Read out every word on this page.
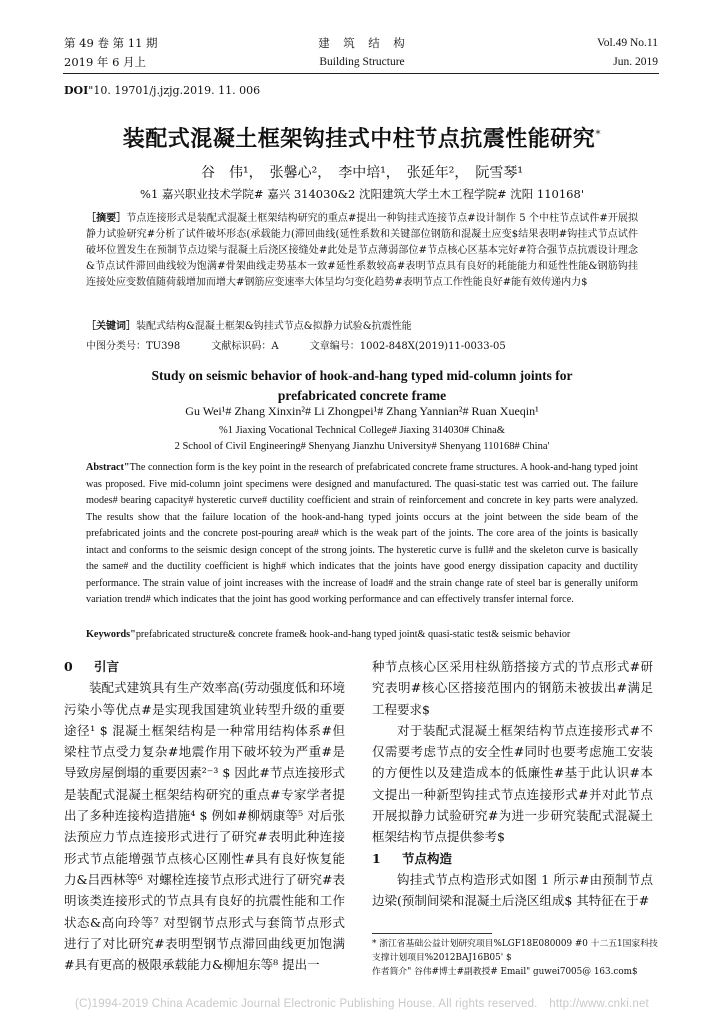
第 49 卷 第 11 期
2019 年 6 月上
建　筑　结　构
Building Structure
Vol.49 No.11
Jun. 2019
DOI"10. 19701/j.jzjg.2019. 11. 006
装配式混凝土框架钩挂式中柱节点抗震性能研究*
谷　伟¹，　张馨心²，　李中培¹，　张延年²，　阮雪琴¹
%1 嘉兴职业技术学院# 嘉兴 314030&2 沈阳建筑大学土木工程学院# 沈阳 110168'
［摘要］节点连接形式是装配式混凝土框架结构研究的重点#提出一种钩挂式连接节点#设计制作 5 个中柱节点试件#开展拟静力试验研究#分析了试件破坏形态(承载能力(滞回曲线(延性系数和关键部位钢筋和混凝土应变$结果表明#钩挂式节点试件破坏位置发生在预制节点边梁与混凝土后浇区接缝处#此处是节点薄弱部位#节点核心区基本完好#符合强节点抗震设计理念&节点试件滞回曲线较为饱满#骨架曲线走势基本一致#延性系数较高#表明节点具有良好的耗能能力和延性性能&钢筋钩挂连接处应变数值随荷载增加而增大#钢筋应变速率大体呈均匀变化趋势#表明节点工作性能良好#能有效传递内力$
［关键词］装配式结构&混凝土框架&钩挂式节点&拟静力试验&抗震性能
中图分类号：TU398	文献标识码：A	文章编号：1002-848X(2019)11-0033-05
Study on seismic behavior of hook-and-hang typed mid-column joints for
prefabricated concrete frame
Gu Wei¹# Zhang Xinxin²# Li Zhongpei¹# Zhang Yannian²# Ruan Xueqin¹
%1 Jiaxing Vocational Technical College# Jiaxing 314030# China&
2 School of Civil Engineering# Shenyang Jianzhu University# Shenyang 110168# China'
Abstract"The connection form is the key point in the research of prefabricated concrete frame structures. A hook-and-hang typed joint was proposed. Five mid-column joint specimens were designed and manufactured. The quasi-static test was carried out. The failure modes# bearing capacity# hysteretic curve# ductility coefficient and strain of reinforcement and concrete in key parts were analyzed. The results show that the failure location of the hook-and-hang typed joints occurs at the joint between the side beam of the prefabricated joints and the concrete post-pouring area# which is the weak part of the joints. The core area of the joints is basically intact and conforms to the seismic design concept of the strong joints. The hysteretic curve is full# and the skeleton curve is basically the same# and the ductility coefficient is high# which indicates that the joints have good energy dissipation capacity and ductility performance. The strain value of joint increases with the increase of load# and the strain change rate of steel bar is generally uniform variation trend# which indicates that the joint has good working performance and can effectively transfer internal force.
Keywords"prefabricated structure& concrete frame& hook-and-hang typed joint& quasi-static test& seismic behavior
0 引言

装配式建筑具有生产效率高(劳动强度低和环境污染小等优点#是实现我国建筑业转型升级的重要途径¹ $ 混凝土框架结构是一种常用结构体系#但梁柱节点受力复杂#地震作用下破坏较为严重#是导致房屋倒塌的重要因素²⁻³ $ 因此#节点连接形式是装配式混凝土框架结构研究的重点#专家学者提出了多种连接构造措施⁴ $ 例如#柳炳康等⁵ 对后张法预应力节点连接形式进行了研究#表明此种连接形式节点能增强节点核心区刚性#具有良好恢复能力&吕西林等⁶ 对螺栓连接节点形式进行了研究#表明该类连接形式的节点具有良好的抗震性能和工作状态&高向玲等⁷ 对型钢节点形式与套筒节点形式进行了对比研究#表明型钢节点滞回曲线更加饱满#具有更高的极限承载能力&柳旭东等⁸ 提出一

种节点核心区采用柱纵筋搭接方式的节点形式#研究表明#核心区搭接范围内的钢筋未被拔出#满足工程要求$

对于装配式混凝土框架结构节点连接形式#不仅需要考虑节点的安全性#同时也要考虑施工安装的方便性以及建造成本的低廉性#基于此认识#本文提出一种新型钩挂式节点连接形式#并对此节点开展拟静力试验研究#为进一步研究装配式混凝土框架结构节点提供参考$

1 节点构造

钩挂式节点构造形式如图 1 所示#由预制节点边梁(预制间梁和混凝土后浇区组成$ 其特征在于#

* 浙江省基础公益计划研究项目%LGF18E080009 #0 十二五1国家科技支撑计划项目%2012BAJ16B05' $
作者简介" 谷伟#博士#副教授# Email" guwei7005@ 163.com$
(C)1994-2019 China Academic Journal Electronic Publishing House. All rights reserved.　http://www.cnki.net
